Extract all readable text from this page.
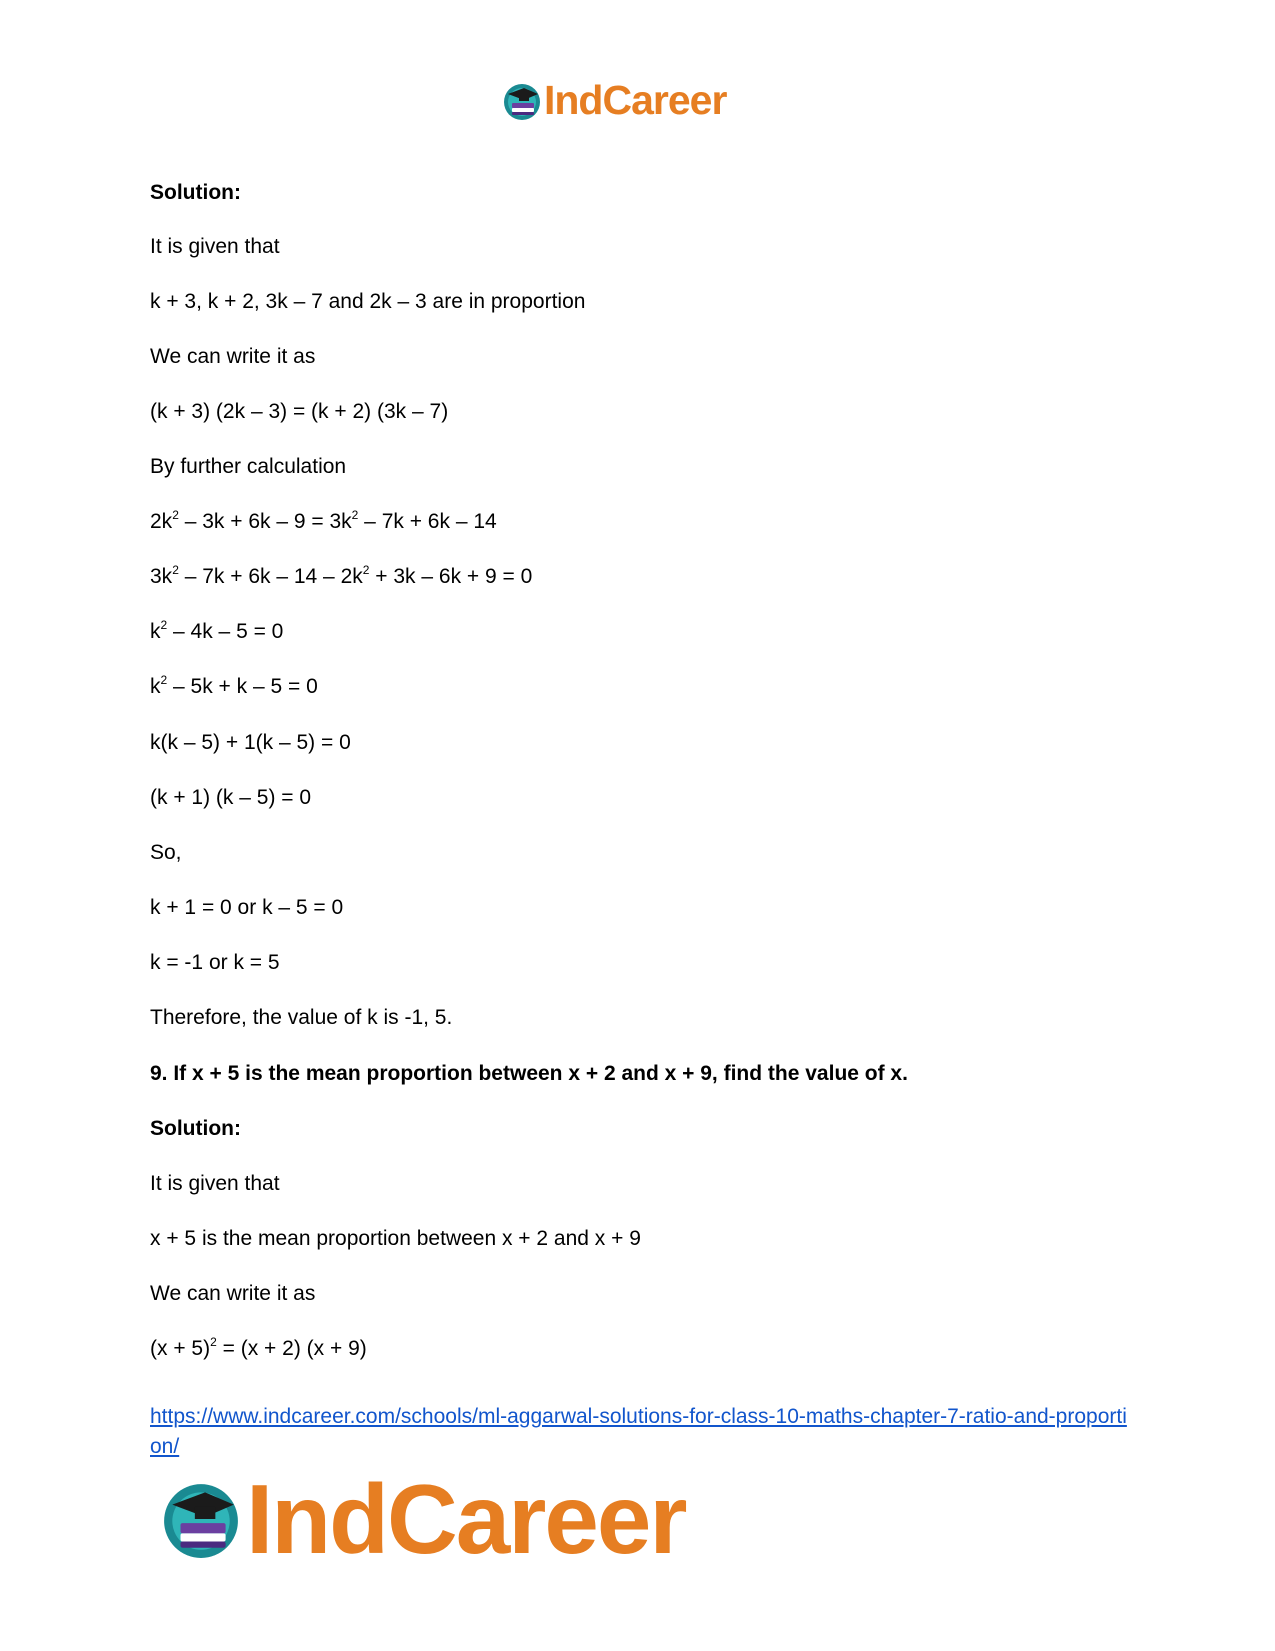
IndCareer
Solution:
It is given that
k + 3, k + 2, 3k – 7 and 2k – 3 are in proportion
We can write it as
(k + 3) (2k – 3) = (k + 2) (3k – 7)
By further calculation
$2k^2 - 3k + 6k - 9 = 3k^2 - 7k + 6k - 14$
$3k^2 - 7k + 6k - 14 - 2k^2 + 3k - 6k + 9 = 0$
$k^2 - 4k - 5 = 0$
$k^2 - 5k + k - 5 = 0$
k(k – 5) + 1(k – 5) = 0
(k + 1) (k – 5) = 0
So,
k + 1 = 0 or k – 5 = 0
k = -1 or k = 5
Therefore, the value of k is -1, 5.
9. If x + 5 is the mean proportion between x + 2 and x + 9, find the value of x.
Solution:
It is given that
x + 5 is the mean proportion between x + 2 and x + 9
We can write it as
$(x + 5)^2 = (x + 2)$ (x + 9)
https://www.indcareer.com/schools/ml-aggarwal-solutions-for-class-10-maths-chapter-7-ratio-and-proportion/
IndCareer
